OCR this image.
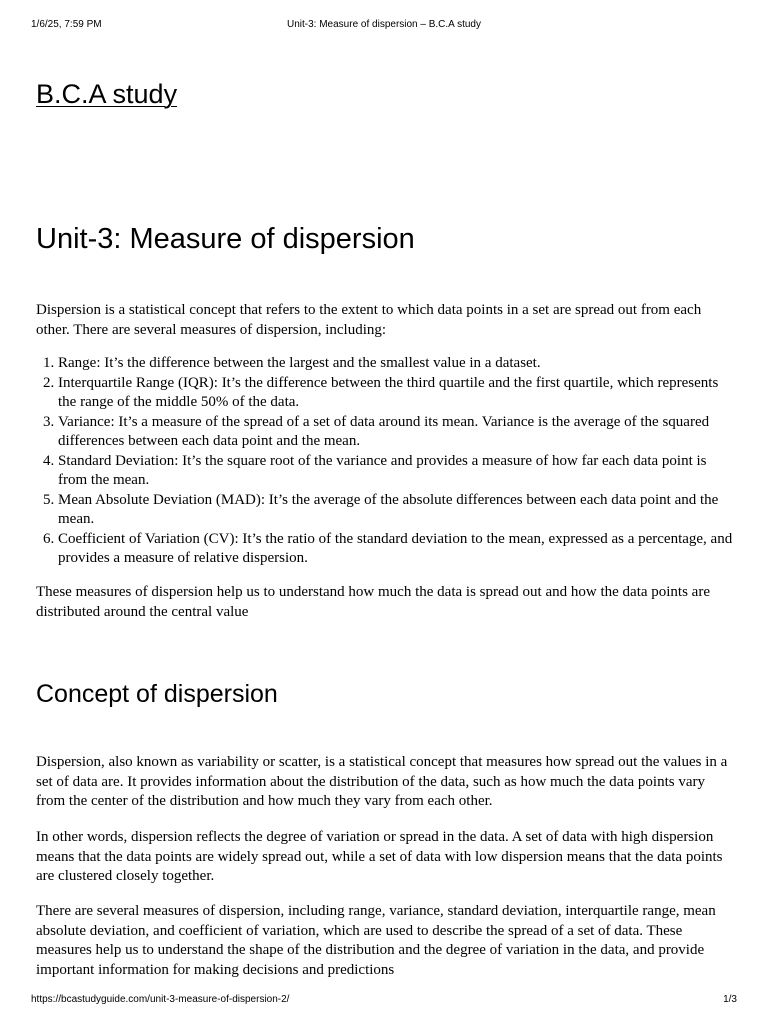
1/6/25, 7:59 PM	Unit-3: Measure of dispersion – B.C.A study
B.C.A study
Unit-3: Measure of dispersion

Dispersion is a statistical concept that refers to the extent to which data points in a set are spread out from each other. There are several measures of dispersion, including:

1. Range: It’s the difference between the largest and the smallest value in a dataset.
2. Interquartile Range (IQR): It’s the difference between the third quartile and the first quartile, which represents the range of the middle 50% of the data.
3. Variance: It’s a measure of the spread of a set of data around its mean. Variance is the average of the squared differences between each data point and the mean.
4. Standard Deviation: It’s the square root of the variance and provides a measure of how far each data point is from the mean.
5. Mean Absolute Deviation (MAD): It’s the average of the absolute differences between each data point and the mean.
6. Coefficient of Variation (CV): It’s the ratio of the standard deviation to the mean, expressed as a percentage, and provides a measure of relative dispersion.

These measures of dispersion help us to understand how much the data is spread out and how the data points are distributed around the central value

Concept of dispersion

Dispersion, also known as variability or scatter, is a statistical concept that measures how spread out the values in a set of data are. It provides information about the distribution of the data, such as how much the data points vary from the center of the distribution and how much they vary from each other.

In other words, dispersion reflects the degree of variation or spread in the data. A set of data with high dispersion means that the data points are widely spread out, while a set of data with low dispersion means that the data points are clustered closely together.

There are several measures of dispersion, including range, variance, standard deviation, interquartile range, mean absolute deviation, and coefficient of variation, which are used to describe the spread of a set of data. These measures help us to understand the shape of the distribution and the degree of variation in the data, and provide important information for making decisions and predictions

https://bcastudyguide.com/unit-3-measure-of-dispersion-2/	1/3
